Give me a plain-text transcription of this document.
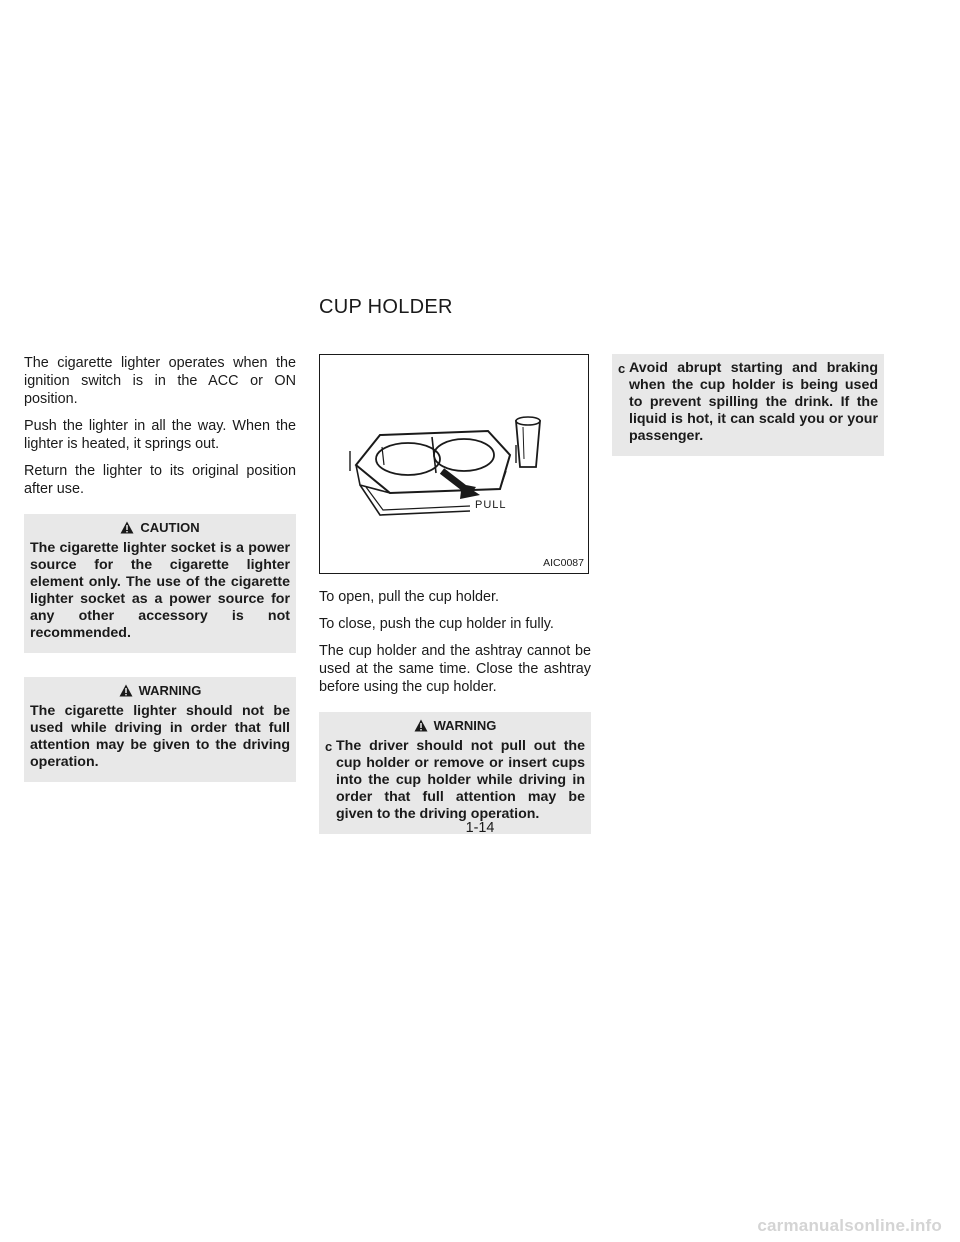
CUP HOLDER

The cigarette lighter operates when the ignition switch is in the ACC or ON position.

Push the lighter in all the way. When the lighter is heated, it springs out.

Return the lighter to its original position after use.

CAUTION

The cigarette lighter socket is a power source for the cigarette lighter element only. The use of the cigarette lighter socket as a power source for any other accessory is not recommended.

WARNING

The cigarette lighter should not be used while driving in order that full attention may be given to the driving operation.

PULL
AIC0087

To open, pull the cup holder.

To close, push the cup holder in fully.

The cup holder and the ashtray cannot be used at the same time. Close the ashtray before using the cup holder.

WARNING
c The driver should not pull out the cup holder or remove or insert cups into the cup holder while driving in order that full attention may be given to the driving operation.
c Avoid abrupt starting and braking when the cup holder is being used to prevent spilling the drink. If the liquid is hot, it can scald you or your passenger.
1-14
carmanualsonline.info
